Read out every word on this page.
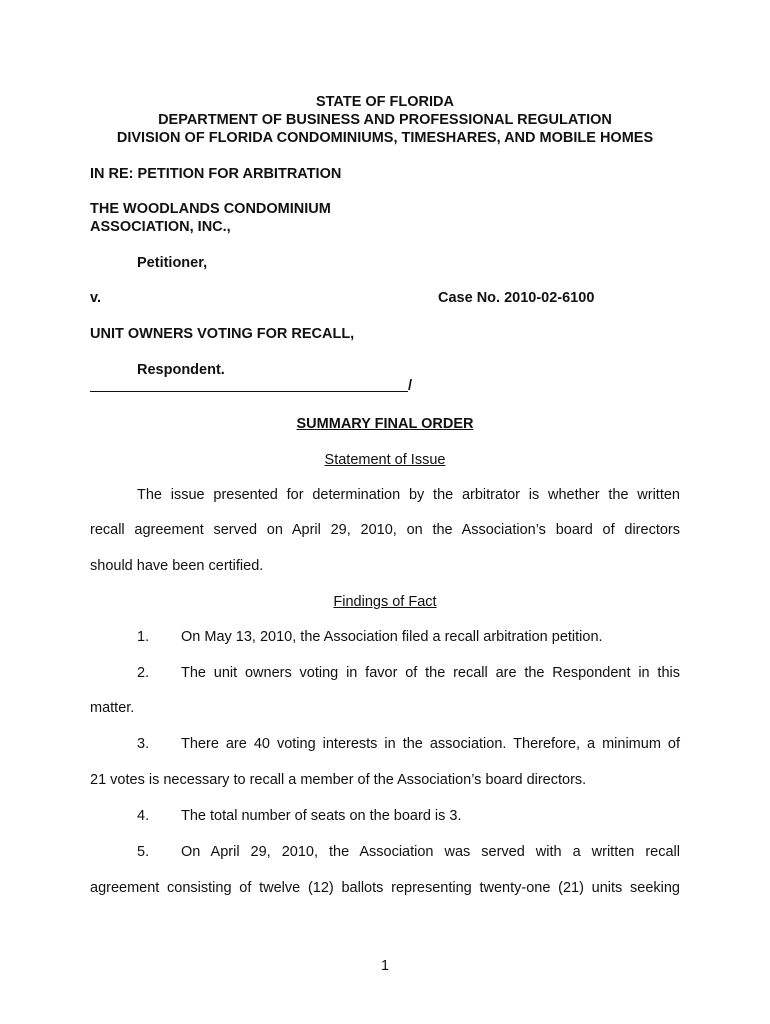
STATE OF FLORIDA
DEPARTMENT OF BUSINESS AND PROFESSIONAL REGULATION
DIVISION OF FLORIDA CONDOMINIUMS, TIMESHARES, AND MOBILE HOMES
IN RE: PETITION FOR ARBITRATION
THE WOODLANDS CONDOMINIUM
ASSOCIATION, INC.,
Petitioner,
v.	Case No. 2010-02-6100
UNIT OWNERS VOTING FOR RECALL,
Respondent.
/
SUMMARY FINAL ORDER
Statement of Issue
The issue presented for determination by the arbitrator is whether the written
recall agreement served on April 29, 2010, on the Association’s board of directors
should have been certified.
Findings of Fact
1. On May 13, 2010, the Association filed a recall arbitration petition.
2. The unit owners voting in favor of the recall are the Respondent in this
matter.
3. There are 40 voting interests in the association. Therefore, a minimum of
21 votes is necessary to recall a member of the Association’s board directors.
4. The total number of seats on the board is 3.
5. On April 29, 2010, the Association was served with a written recall
agreement consisting of twelve (12) ballots representing twenty-one (21) units seeking
1
